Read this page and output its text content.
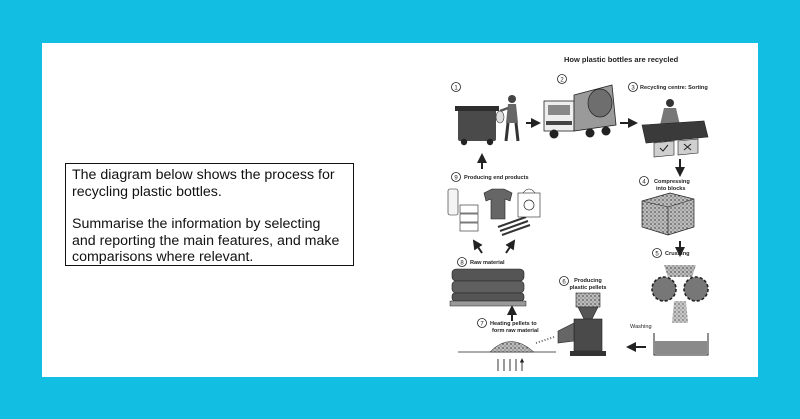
The diagram below shows the process for recycling plastic bottles.

Summarise the information by selecting and reporting the main features, and make comparisons where relevant.

How plastic bottles are recycled
1
2
3 Recycling centre: Sorting
4 Compressing
into blocks
5 Crushing
Washing
6 Producing
plastic pellets
7 Heating pellets to
form raw material
8 Raw material
9 Producing end products
